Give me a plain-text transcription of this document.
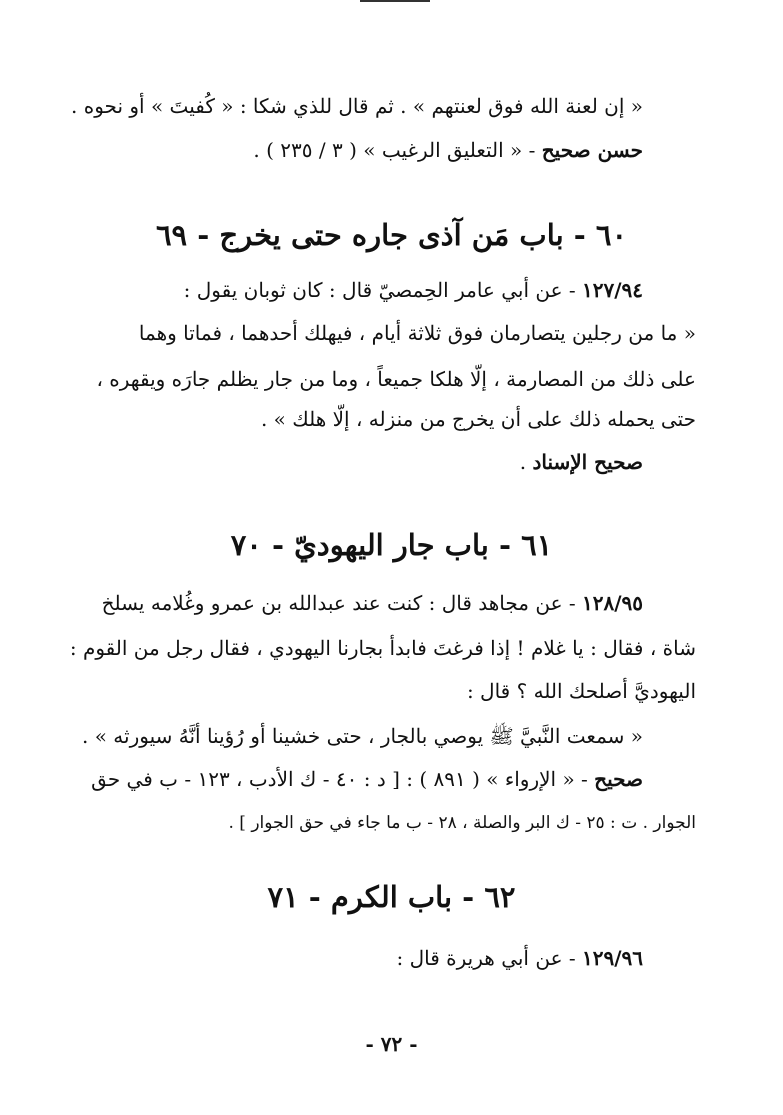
« إن لعنة الله فوق لعنتهم » . ثم قال للذي شكا : « كُفيتَ » أو نحوه .
حسن صحيح - « التعليق الرغيب » ( ٣ / ٢٣٥ ) .
٦٠ - باب مَن آذى جاره حتى يخرج - ٦٩
١٢٧/٩٤ - عن أبي عامر الحِمصيّ قال : كان ثوبان يقول :
« ما من رجلين يتصارمان فوق ثلاثة أيام ، فيهلك أحدهما ، فماتا وهما
على ذلك من المصارمة ، إلّا هلكا جميعاً ، وما من جار يظلم جارَه ويقهره ،
حتى يحمله ذلك على أن يخرج من منزله ، إلّا هلك » .
صحيح الإسناد .
٦١ - باب جار اليهوديّ - ٧٠
١٢٨/٩٥ - عن مجاهد قال : كنت عند عبدالله بن عمرو وغُلامه يسلخ
شاة ، فقال : يا غلام ! إذا فرغتَ فابدأ بجارنا اليهودي ، فقال رجل من القوم :
اليهوديَّ أصلحك الله ؟ قال :
« سمعت النَّبيَّ ﷺ يوصي بالجار ، حتى خشينا أو رُؤينا أنَّهُ سيورثه » .
صحيح - « الإرواء » ( ٨٩١ ) : [ د : ٤٠ - ك الأدب ، ١٢٣ - ب في حق
الجوار . ت : ٢٥ - ك البر والصلة ، ٢٨ - ب ما جاء في حق الجوار ] .
٦٢ - باب الكرم - ٧١
١٢٩/٩٦ - عن أبي هريرة قال :
- ٧٢ -
